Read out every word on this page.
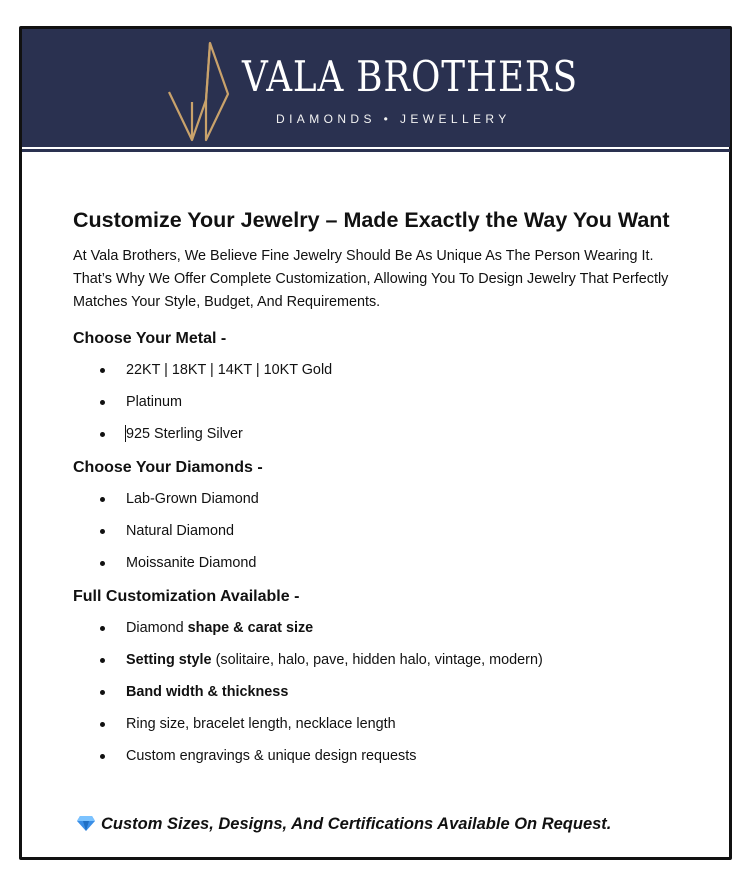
VALA BROTHERS
DIAMONDS • JEWELLERY
Customize Your Jewelry – Made Exactly the Way You Want

At Vala Brothers, We Believe Fine Jewelry Should Be As Unique As The Person Wearing It. That’s Why We Offer Complete Customization, Allowing You To Design Jewelry That Perfectly Matches Your Style, Budget, And Requirements.

Choose Your Metal -
22KT | 18KT | 14KT | 10KT Gold
Platinum
925 Sterling Silver
Choose Your Diamonds -
Lab-Grown Diamond
Natural Diamond
Moissanite Diamond
Full Customization Available -
Diamond shape & carat size
Setting style (solitaire, halo, pave, hidden halo, vintage, modern)
Band width & thickness
Ring size, bracelet length, necklace length
Custom engravings & unique design requests
Custom Sizes, Designs, And Certifications Available On Request.
